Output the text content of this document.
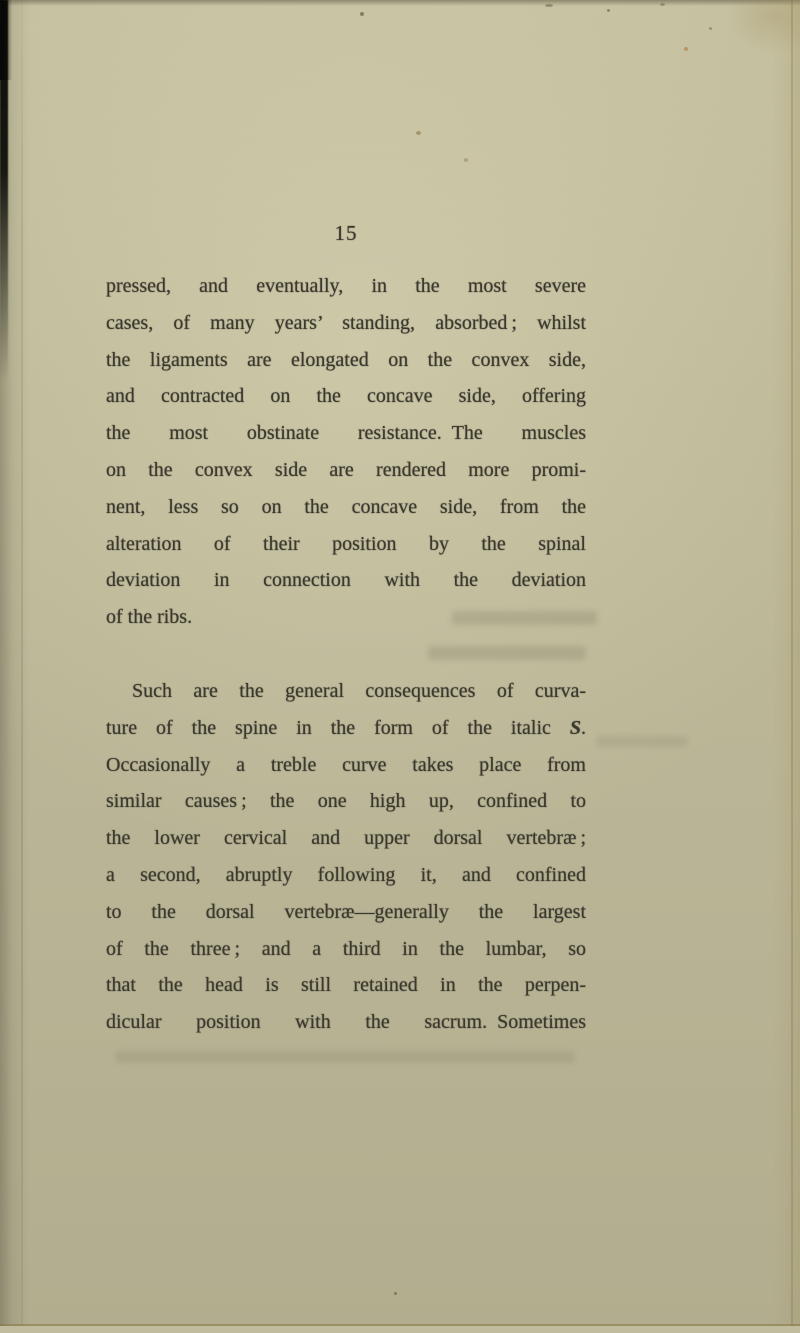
15
pressed, and eventually, in the most severe
cases, of many years’ standing, absorbed ; whilst
the ligaments are elongated on the convex side,
and contracted on the concave side, offering
the most obstinate resistance. The muscles
on the convex side are rendered more promi-
nent, less so on the concave side, from the
alteration of their position by the spinal
deviation in connection with the deviation
of the ribs.
Such are the general consequences of curva-
ture of the spine in the form of the italic S.
Occasionally a treble curve takes place from
similar causes ; the one high up, confined to
the lower cervical and upper dorsal vertebræ ;
a second, abruptly following it, and confined
to the dorsal vertebræ—generally the largest
of the three ; and a third in the lumbar, so
that the head is still retained in the perpen-
dicular position with the sacrum. Sometimes
